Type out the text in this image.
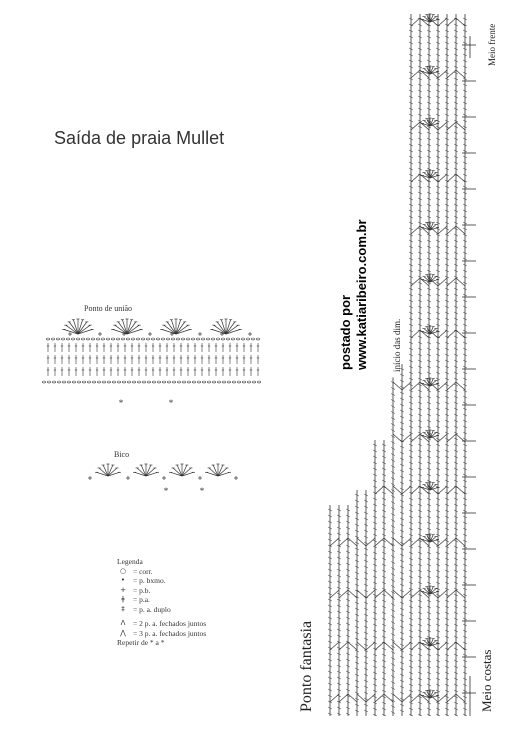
Saída de praia Mullet
Ponto de união
Bico
postado por www.katiaribeiro.com.br	início das dim.
Meio frente
Meio costas
Ponto fantasia
Legenda
○ = corr.
•	= p. bxmo.
+ = p.b.
ǂ	= p.a.
‡	= p. a. duplo
Λ	= 2 p. a. fechados juntos
⋀ = 3 p. a. fechados juntos
Repetir de * a *
*	*
*	*
